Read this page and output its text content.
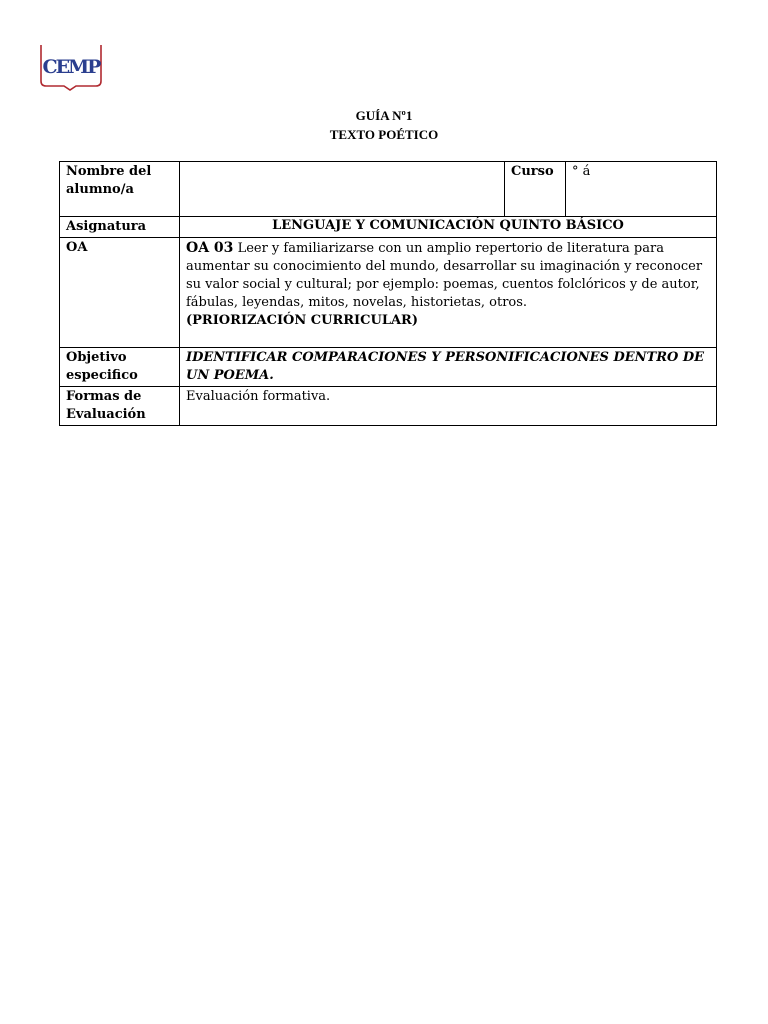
CEMP
GUÍA Nº1
TEXTO POÉTICO
Nombre del alumno/a		Curso	° á
Asignatura	LENGUAJE Y COMUNICACIÓN QUINTO BÁSICO		
OA	OA 03 Leer y familiarizarse con un amplio repertorio de literatura para aumentar su conocimiento del mundo, desarrollar su imaginación y reconocer su valor social y cultural; por ejemplo: poemas, cuentos folclóricos y de autor, fábulas, leyendas, mitos, novelas, historietas, otros.
(PRIORIZACIÓN CURRICULAR)		

Objetivo especifico	IDENTIFICAR COMPARACIONES Y PERSONIFICACIONES DENTRO DE UN POEMA.		
Formas de Evaluación	Evaluación formativa.		
